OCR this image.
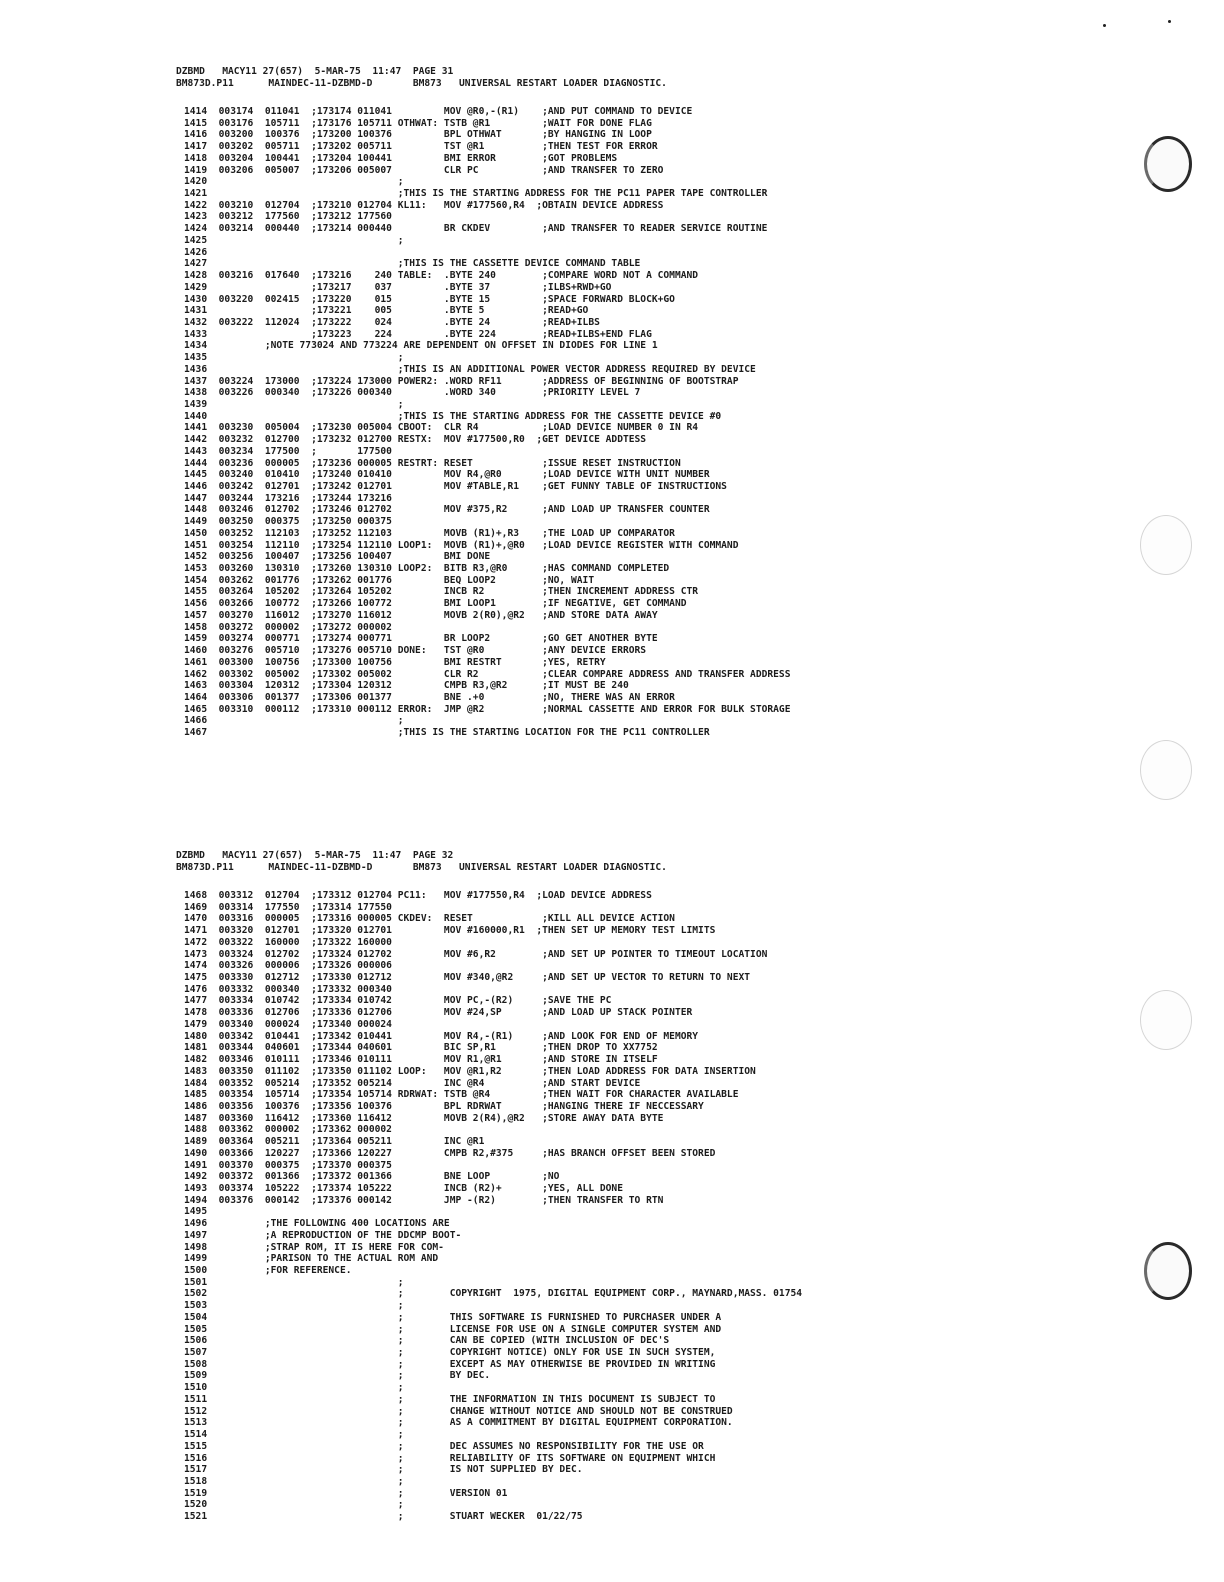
DZBMD   MACY11 27(657)  5-MAR-75  11:47  PAGE 31
BM873D.P11      MAINDEC-11-DZBMD-D       BM873   UNIVERSAL RESTART LOADER DIAGNOSTIC.
1414  003174  011041  ;173174 011041         MOV @R0,-(R1)    ;AND PUT COMMAND TO DEVICE
1415  003176  105711  ;173176 105711 OTHWAT: TSTB @R1         ;WAIT FOR DONE FLAG
1416  003200  100376  ;173200 100376         BPL OTHWAT       ;BY HANGING IN LOOP
1417  003202  005711  ;173202 005711         TST @R1          ;THEN TEST FOR ERROR
1418  003204  100441  ;173204 100441         BMI ERROR        ;GOT PROBLEMS
1419  003206  005007  ;173206 005007         CLR PC           ;AND TRANSFER TO ZERO
1420                                 ;
1421                                 ;THIS IS THE STARTING ADDRESS FOR THE PC11 PAPER TAPE CONTROLLER
1422  003210  012704  ;173210 012704 KL11:   MOV #177560,R4  ;OBTAIN DEVICE ADDRESS
1423  003212  177560  ;173212 177560
1424  003214  000440  ;173214 000440         BR CKDEV         ;AND TRANSFER TO READER SERVICE ROUTINE
1425                                 ;
1426
1427                                 ;THIS IS THE CASSETTE DEVICE COMMAND TABLE
1428  003216  017640  ;173216    240 TABLE:  .BYTE 240        ;COMPARE WORD NOT A COMMAND
1429                  ;173217    037         .BYTE 37         ;ILBS+RWD+GO
1430  003220  002415  ;173220    015         .BYTE 15         ;SPACE FORWARD BLOCK+GO
1431                  ;173221    005         .BYTE 5          ;READ+GO
1432  003222  112024  ;173222    024         .BYTE 24         ;READ+ILBS
1433                  ;173223    224         .BYTE 224        ;READ+ILBS+END FLAG
1434          ;NOTE 773024 AND 773224 ARE DEPENDENT ON OFFSET IN DIODES FOR LINE 1
1435                                 ;
1436                                 ;THIS IS AN ADDITIONAL POWER VECTOR ADDRESS REQUIRED BY DEVICE
1437  003224  173000  ;173224 173000 POWER2: .WORD RF11       ;ADDRESS OF BEGINNING OF BOOTSTRAP
1438  003226  000340  ;173226 000340         .WORD 340        ;PRIORITY LEVEL 7
1439                                 ;
1440                                 ;THIS IS THE STARTING ADDRESS FOR THE CASSETTE DEVICE #0
1441  003230  005004  ;173230 005004 CBOOT:  CLR R4           ;LOAD DEVICE NUMBER 0 IN R4
1442  003232  012700  ;173232 012700 RESTX:  MOV #177500,R0  ;GET DEVICE ADDTESS
1443  003234  177500  ;       177500
1444  003236  000005  ;173236 000005 RESTRT: RESET            ;ISSUE RESET INSTRUCTION
1445  003240  010410  ;173240 010410         MOV R4,@R0       ;LOAD DEVICE WITH UNIT NUMBER
1446  003242  012701  ;173242 012701         MOV #TABLE,R1    ;GET FUNNY TABLE OF INSTRUCTIONS
1447  003244  173216  ;173244 173216
1448  003246  012702  ;173246 012702         MOV #375,R2      ;AND LOAD UP TRANSFER COUNTER
1449  003250  000375  ;173250 000375
1450  003252  112103  ;173252 112103         MOVB (R1)+,R3    ;THE LOAD UP COMPARATOR
1451  003254  112110  ;173254 112110 LOOP1:  MOVB (R1)+,@R0   ;LOAD DEVICE REGISTER WITH COMMAND
1452  003256  100407  ;173256 100407         BMI DONE
1453  003260  130310  ;173260 130310 LOOP2:  BITB R3,@R0      ;HAS COMMAND COMPLETED
1454  003262  001776  ;173262 001776         BEQ LOOP2        ;NO, WAIT
1455  003264  105202  ;173264 105202         INCB R2          ;THEN INCREMENT ADDRESS CTR
1456  003266  100772  ;173266 100772         BMI LOOP1        ;IF NEGATIVE, GET COMMAND
1457  003270  116012  ;173270 116012         MOVB 2(R0),@R2   ;AND STORE DATA AWAY
1458  003272  000002  ;173272 000002
1459  003274  000771  ;173274 000771         BR LOOP2         ;GO GET ANOTHER BYTE
1460  003276  005710  ;173276 005710 DONE:   TST @R0          ;ANY DEVICE ERRORS
1461  003300  100756  ;173300 100756         BMI RESTRT       ;YES, RETRY
1462  003302  005002  ;173302 005002         CLR R2           ;CLEAR COMPARE ADDRESS AND TRANSFER ADDRESS
1463  003304  120312  ;173304 120312         CMPB R3,@R2      ;IT MUST BE 240
1464  003306  001377  ;173306 001377         BNE .+0          ;NO, THERE WAS AN ERROR
1465  003310  000112  ;173310 000112 ERROR:  JMP @R2          ;NORMAL CASSETTE AND ERROR FOR BULK STORAGE
1466                                 ;
1467                                 ;THIS IS THE STARTING LOCATION FOR THE PC11 CONTROLLER
DZBMD   MACY11 27(657)  5-MAR-75  11:47  PAGE 32
BM873D.P11      MAINDEC-11-DZBMD-D       BM873   UNIVERSAL RESTART LOADER DIAGNOSTIC.
1468  003312  012704  ;173312 012704 PC11:   MOV #177550,R4  ;LOAD DEVICE ADDRESS
1469  003314  177550  ;173314 177550
1470  003316  000005  ;173316 000005 CKDEV:  RESET            ;KILL ALL DEVICE ACTION
1471  003320  012701  ;173320 012701         MOV #160000,R1  ;THEN SET UP MEMORY TEST LIMITS
1472  003322  160000  ;173322 160000
1473  003324  012702  ;173324 012702         MOV #6,R2        ;AND SET UP POINTER TO TIMEOUT LOCATION
1474  003326  000006  ;173326 000006
1475  003330  012712  ;173330 012712         MOV #340,@R2     ;AND SET UP VECTOR TO RETURN TO NEXT
1476  003332  000340  ;173332 000340
1477  003334  010742  ;173334 010742         MOV PC,-(R2)     ;SAVE THE PC
1478  003336  012706  ;173336 012706         MOV #24,SP       ;AND LOAD UP STACK POINTER
1479  003340  000024  ;173340 000024
1480  003342  010441  ;173342 010441         MOV R4,-(R1)     ;AND LOOK FOR END OF MEMORY
1481  003344  040601  ;173344 040601         BIC SP,R1        ;THEN DROP TO XX7752
1482  003346  010111  ;173346 010111         MOV R1,@R1       ;AND STORE IN ITSELF
1483  003350  011102  ;173350 011102 LOOP:   MOV @R1,R2       ;THEN LOAD ADDRESS FOR DATA INSERTION
1484  003352  005214  ;173352 005214         INC @R4          ;AND START DEVICE
1485  003354  105714  ;173354 105714 RDRWAT: TSTB @R4         ;THEN WAIT FOR CHARACTER AVAILABLE
1486  003356  100376  ;173356 100376         BPL RDRWAT       ;HANGING THERE IF NECCESSARY
1487  003360  116412  ;173360 116412         MOVB 2(R4),@R2   ;STORE AWAY DATA BYTE
1488  003362  000002  ;173362 000002
1489  003364  005211  ;173364 005211         INC @R1
1490  003366  120227  ;173366 120227         CMPB R2,#375     ;HAS BRANCH OFFSET BEEN STORED
1491  003370  000375  ;173370 000375
1492  003372  001366  ;173372 001366         BNE LOOP         ;NO
1493  003374  105222  ;173374 105222         INCB (R2)+       ;YES, ALL DONE
1494  003376  000142  ;173376 000142         JMP -(R2)        ;THEN TRANSFER TO RTN
1495
1496          ;THE FOLLOWING 400 LOCATIONS ARE
1497          ;A REPRODUCTION OF THE DDCMP BOOT-
1498          ;STRAP ROM, IT IS HERE FOR COM-
1499          ;PARISON TO THE ACTUAL ROM AND
1500          ;FOR REFERENCE.
1501                                 ;
1502                                 ;        COPYRIGHT  1975, DIGITAL EQUIPMENT CORP., MAYNARD,MASS. 01754
1503                                 ;
1504                                 ;        THIS SOFTWARE IS FURNISHED TO PURCHASER UNDER A
1505                                 ;        LICENSE FOR USE ON A SINGLE COMPUTER SYSTEM AND
1506                                 ;        CAN BE COPIED (WITH INCLUSION OF DEC'S
1507                                 ;        COPYRIGHT NOTICE) ONLY FOR USE IN SUCH SYSTEM,
1508                                 ;        EXCEPT AS MAY OTHERWISE BE PROVIDED IN WRITING
1509                                 ;        BY DEC.
1510                                 ;
1511                                 ;        THE INFORMATION IN THIS DOCUMENT IS SUBJECT TO
1512                                 ;        CHANGE WITHOUT NOTICE AND SHOULD NOT BE CONSTRUED
1513                                 ;        AS A COMMITMENT BY DIGITAL EQUIPMENT CORPORATION.
1514                                 ;
1515                                 ;        DEC ASSUMES NO RESPONSIBILITY FOR THE USE OR
1516                                 ;        RELIABILITY OF ITS SOFTWARE ON EQUIPMENT WHICH
1517                                 ;        IS NOT SUPPLIED BY DEC.
1518                                 ;
1519                                 ;        VERSION 01
1520                                 ;
1521                                 ;        STUART WECKER  01/22/75
